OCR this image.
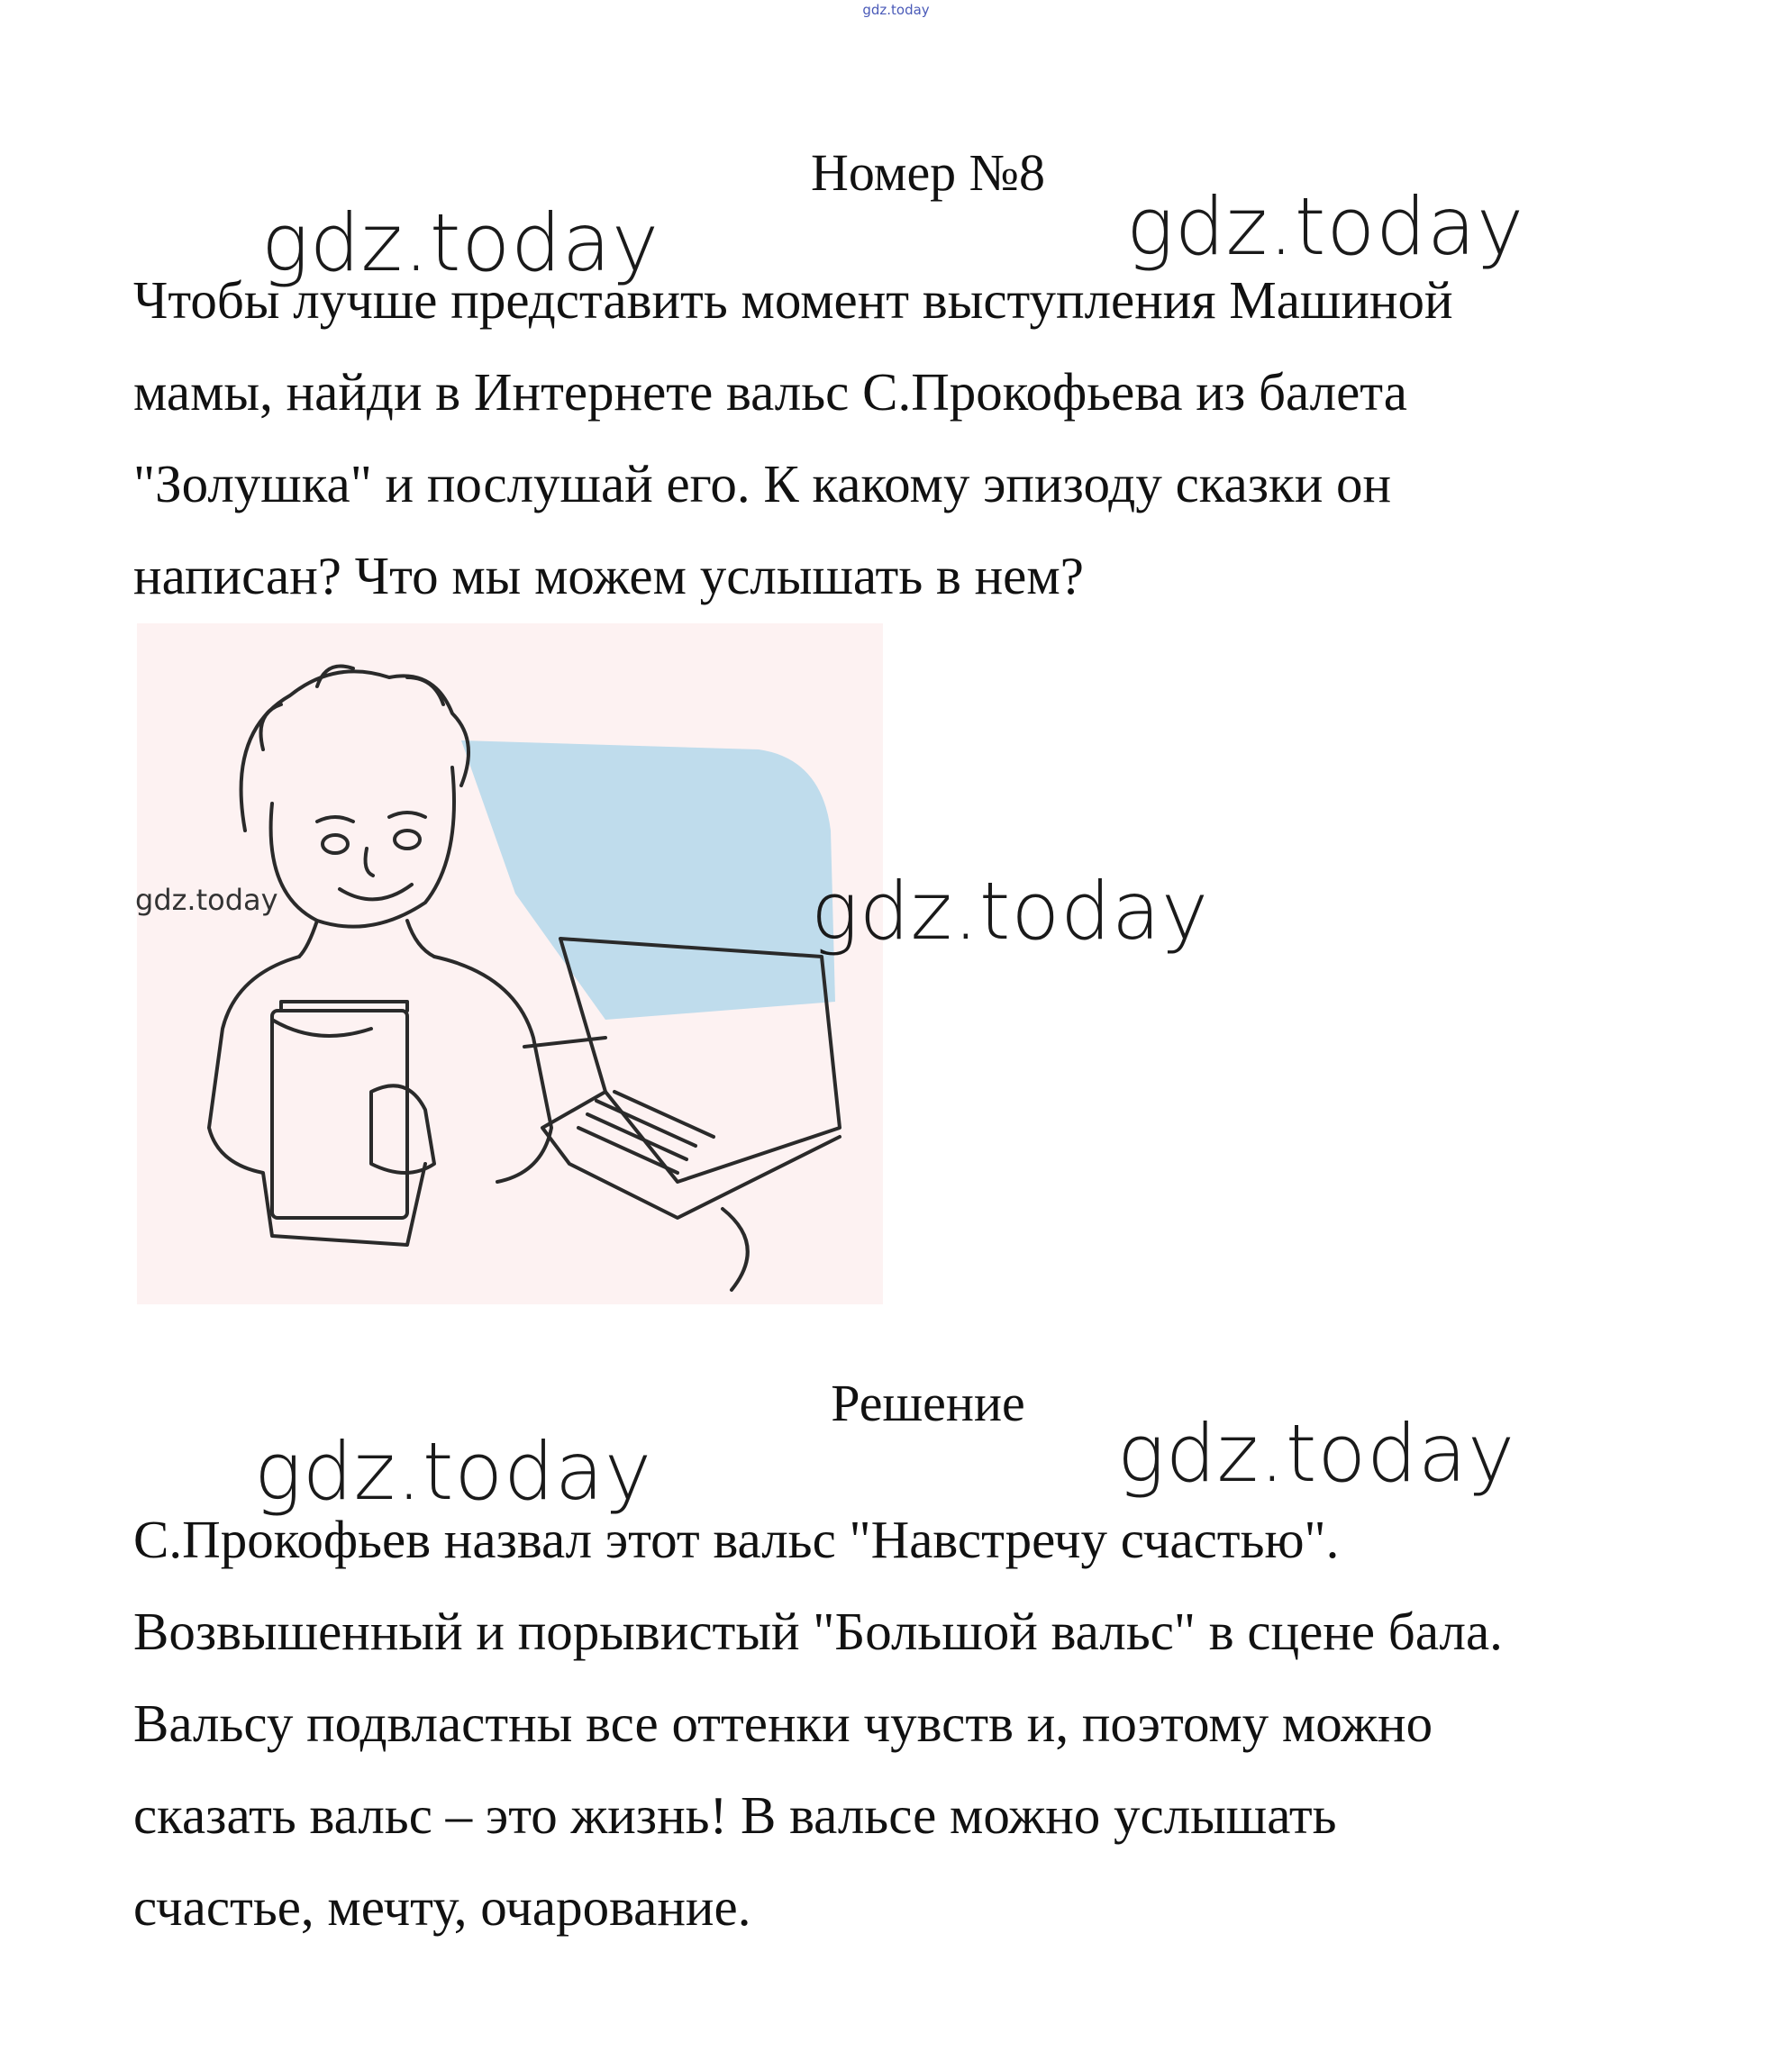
gdz.today
Номер №8
gdz.today	gdz.today

Чтобы лучше представить момент выступления Машиной
мамы, найди в Интернете вальс С.Прокофьева из балета
"Золушка" и послушай его. К какому эпизоду сказки он
написан? Что мы можем услышать в нем?

gdz.today	gdz.today
Решение
gdz.today	gdz.today

С.Прокофьев назвал этот вальс "Навстречу счастью".
Возвышенный и порывистый "Большой вальс" в сцене бала.
Вальсу подвластны все оттенки чувств и, поэтому можно
сказать вальс – это жизнь! В вальсе можно услышать
счастье, мечту, очарование.
